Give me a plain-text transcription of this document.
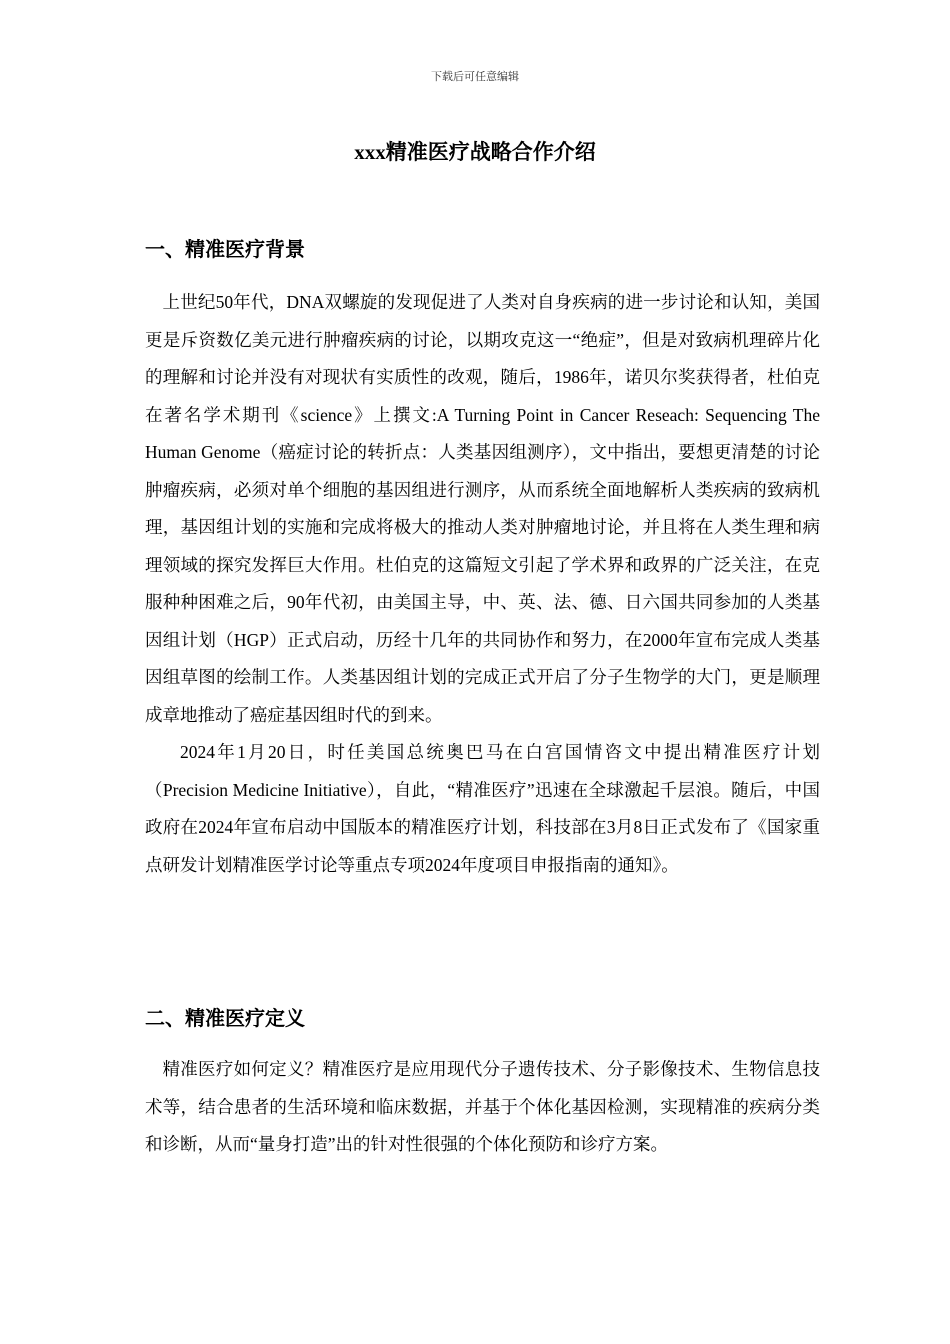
下载后可任意编辑
xxx精准医疗战略合作介绍
一、精准医疗背景

上世纪50年代，DNA双螺旋的发现促进了人类对自身疾病的进一步讨论和认知，美国更是斥资数亿美元进行肿瘤疾病的讨论，以期攻克这一“绝症”，但是对致病机理碎片化的理解和讨论并没有对现状有实质性的改观，随后，1986年，诺贝尔奖获得者，杜伯克在著名学术期刊《science》上撰文:A Turning Point in Cancer Reseach: Sequencing The Human Genome（癌症讨论的转折点：人类基因组测序），文中指出，要想更清楚的讨论肿瘤疾病，必须对单个细胞的基因组进行测序，从而系统全面地解析人类疾病的致病机理，基因组计划的实施和完成将极大的推动人类对肿瘤地讨论，并且将在人类生理和病理领域的探究发挥巨大作用。杜伯克的这篇短文引起了学术界和政界的广泛关注，在克服种种困难之后，90年代初，由美国主导，中、英、法、德、日六国共同参加的人类基因组计划（HGP）正式启动，历经十几年的共同协作和努力，在2000年宣布完成人类基因组草图的绘制工作。人类基因组计划的完成正式开启了分子生物学的大门，更是顺理成章地推动了癌症基因组时代的到来。

2024年1月20日，时任美国总统奥巴马在白宫国情咨文中提出精准医疗计划（Precision Medicine Initiative），自此，“精准医疗”迅速在全球激起千层浪。随后，中国政府在2024年宣布启动中国版本的精准医疗计划，科技部在3月8日正式发布了《国家重点研发计划精准医学讨论等重点专项2024年度项目申报指南的通知》。

二、精准医疗定义

精准医疗如何定义？精准医疗是应用现代分子遗传技术、分子影像技术、生物信息技术等，结合患者的生活环境和临床数据，并基于个体化基因检测，实现精准的疾病分类和诊断，从而“量身打造”出的针对性很强的个体化预防和诊疗方案。
